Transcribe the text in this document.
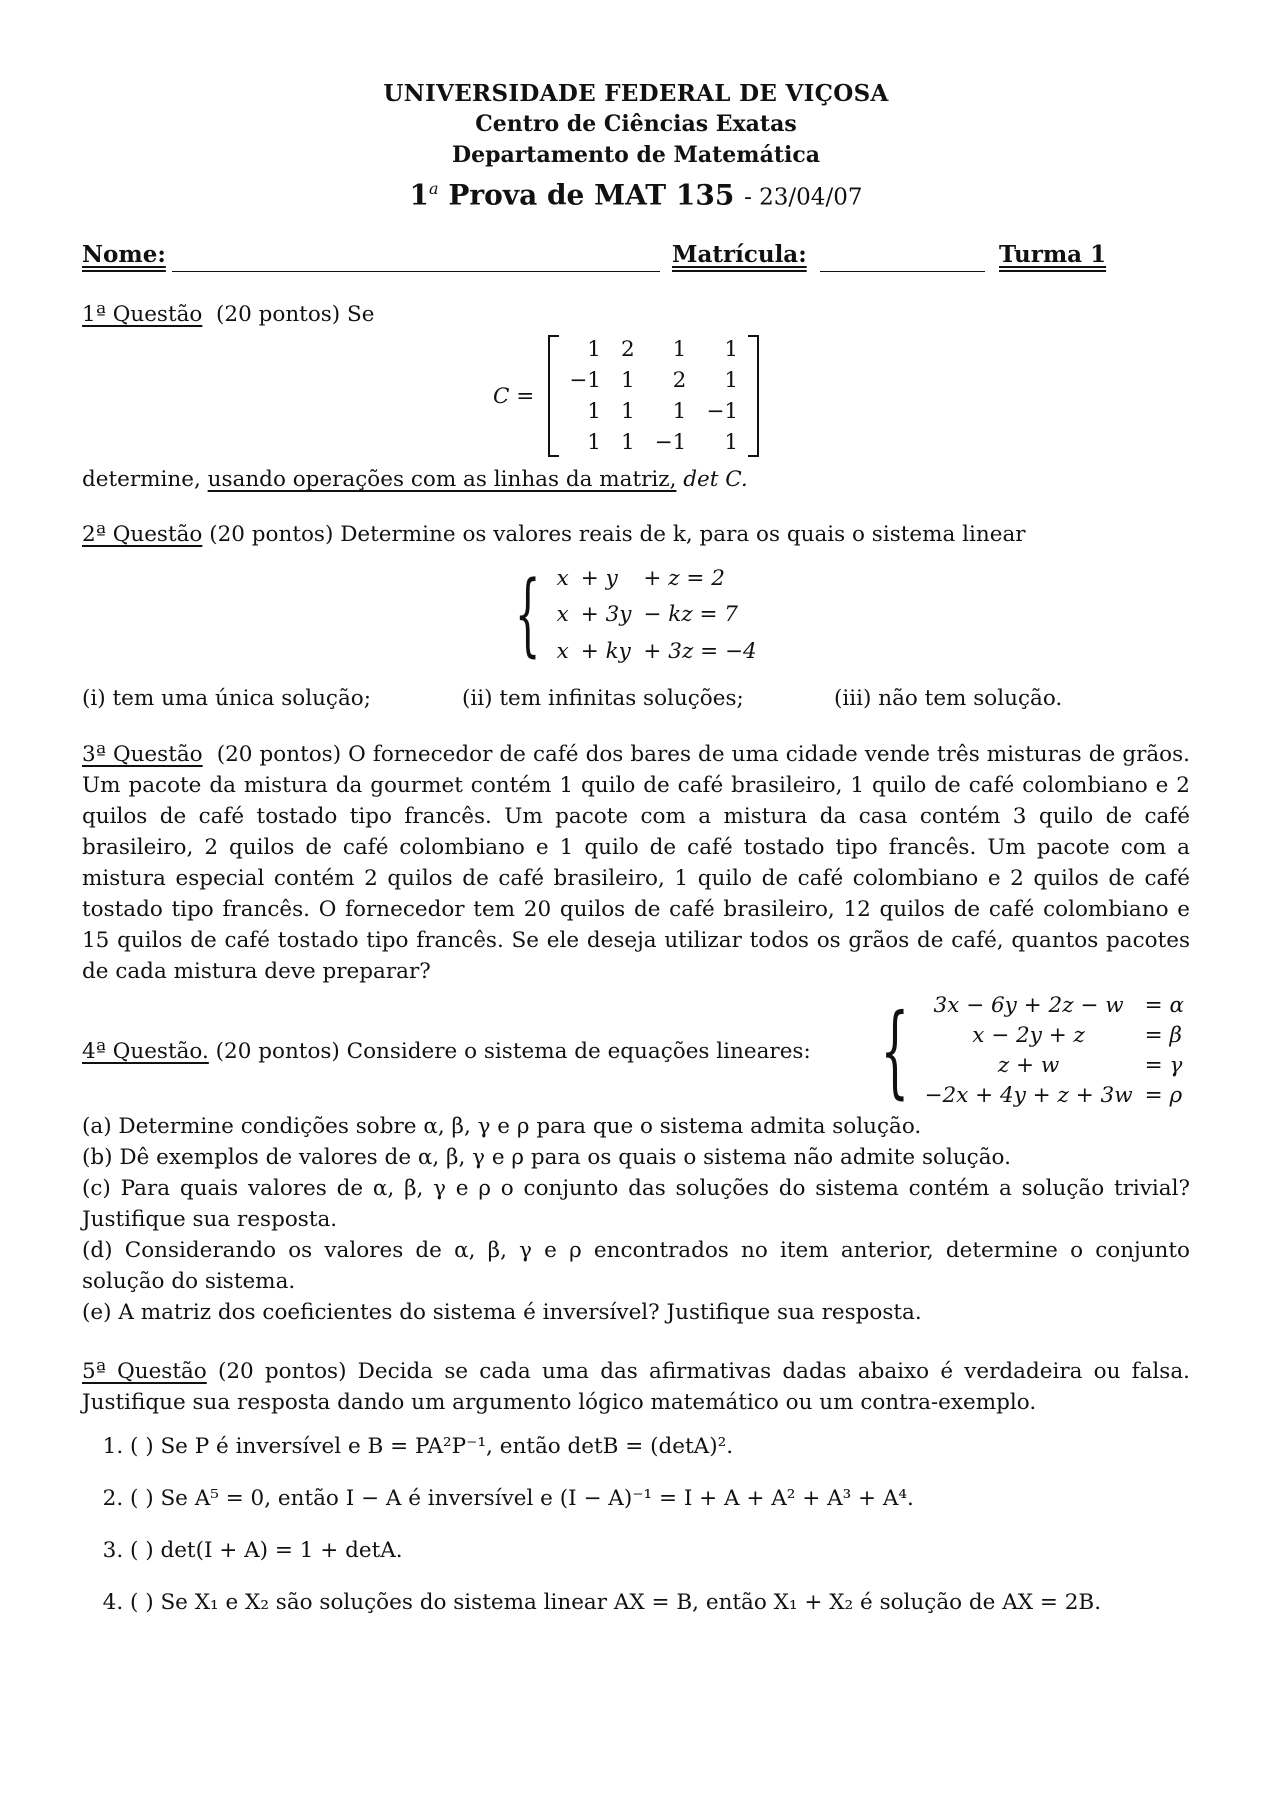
UNIVERSIDADE FEDERAL DE VIÇOSA
Centro de Ciências Exatas
Departamento de Matemática
1$^a$ Prova de MAT 135 - 23/04/07
Nome:	Matrícula:	Turma 1

1ª Questão (20 pontos) Se

C =
1	2	1	1
−1	1	2	1
1	1	1	−1
1	1	−1	1

determine, usando operações com as linhas da matriz, det C.

2ª Questão (20 pontos) Determine os valores reais de k, para os quais o sistema linear

{ x	+ y	+ z = 2
x	+ 3y	− kz = 7
x	+ ky	+ 3z = −4
(i) tem uma única solução;	(ii) tem infinitas soluções;	(iii) não tem solução.

3ª Questão (20 pontos) O fornecedor de café dos bares de uma cidade vende três misturas de grãos. Um pacote da mistura da gourmet contém 1 quilo de café brasileiro, 1 quilo de café colombiano e 2 quilos de café tostado tipo francês. Um pacote com a mistura da casa contém 3 quilo de café brasileiro, 2 quilos de café colombiano e 1 quilo de café tostado tipo francês. Um pacote com a mistura especial contém 2 quilos de café brasileiro, 1 quilo de café colombiano e 2 quilos de café tostado tipo francês. O fornecedor tem 20 quilos de café brasileiro, 12 quilos de café colombiano e 15 quilos de café tostado tipo francês. Se ele deseja utilizar todos os grãos de café, quantos pacotes de cada mistura deve preparar?

4ª Questão. (20 pontos) Considere o sistema de equações lineares: { 3x − 6y + 2z − w	= α
x − 2y + z	= β
z + w	= γ
−2x + 4y + z + 3w	= ρ

(a) Determine condições sobre α, β, γ e ρ para que o sistema admita solução.

(b) Dê exemplos de valores de α, β, γ e ρ para os quais o sistema não admite solução.

(c) Para quais valores de α, β, γ e ρ o conjunto das soluções do sistema contém a solução trivial? Justifique sua resposta.

(d) Considerando os valores de α, β, γ e ρ encontrados no item anterior, determine o conjunto solução do sistema.

(e) A matriz dos coeficientes do sistema é inversível? Justifique sua resposta.

5ª Questão (20 pontos) Decida se cada uma das afirmativas dadas abaixo é verdadeira ou falsa. Justifique sua resposta dando um argumento lógico matemático ou um contra-exemplo.

1. ( ) Se P é inversível e B = PA²P⁻¹, então detB = (detA)².
2. ( ) Se A⁵ = 0, então I − A é inversível e (I − A)⁻¹ = I + A + A² + A³ + A⁴.
3. ( ) det(I + A) = 1 + detA.
4. ( ) Se X₁ e X₂ são soluções do sistema linear AX = B, então X₁ + X₂ é solução de AX = 2B.
